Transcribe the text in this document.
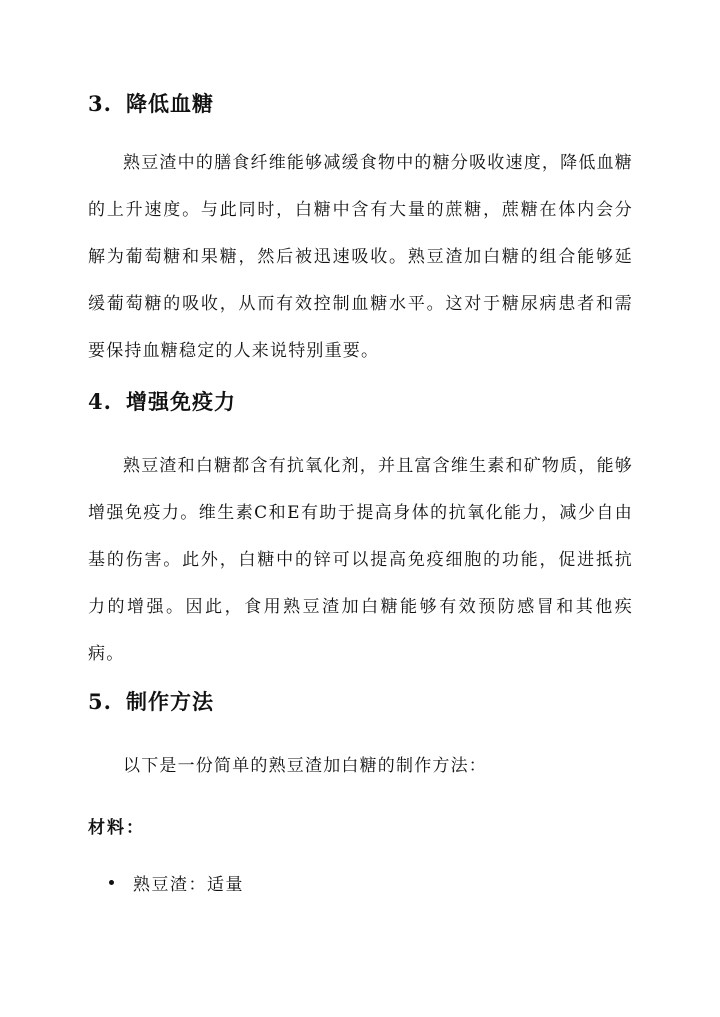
3. 降低血糖

熟豆渣中的膳食纤维能够减缓食物中的糖分吸收速度，降低血糖的上升速度。与此同时，白糖中含有大量的蔗糖，蔗糖在体内会分解为葡萄糖和果糖，然后被迅速吸收。熟豆渣加白糖的组合能够延缓葡萄糖的吸收，从而有效控制血糖水平。这对于糖尿病患者和需要保持血糖稳定的人来说特别重要。

4. 增强免疫力

熟豆渣和白糖都含有抗氧化剂，并且富含维生素和矿物质，能够增强免疫力。维生素C和E有助于提高身体的抗氧化能力，减少自由基的伤害。此外，白糖中的锌可以提高免疫细胞的功能，促进抵抗力的增强。因此，食用熟豆渣加白糖能够有效预防感冒和其他疾病。

5. 制作方法

以下是一份简单的熟豆渣加白糖的制作方法：

材料：

熟豆渣：适量
